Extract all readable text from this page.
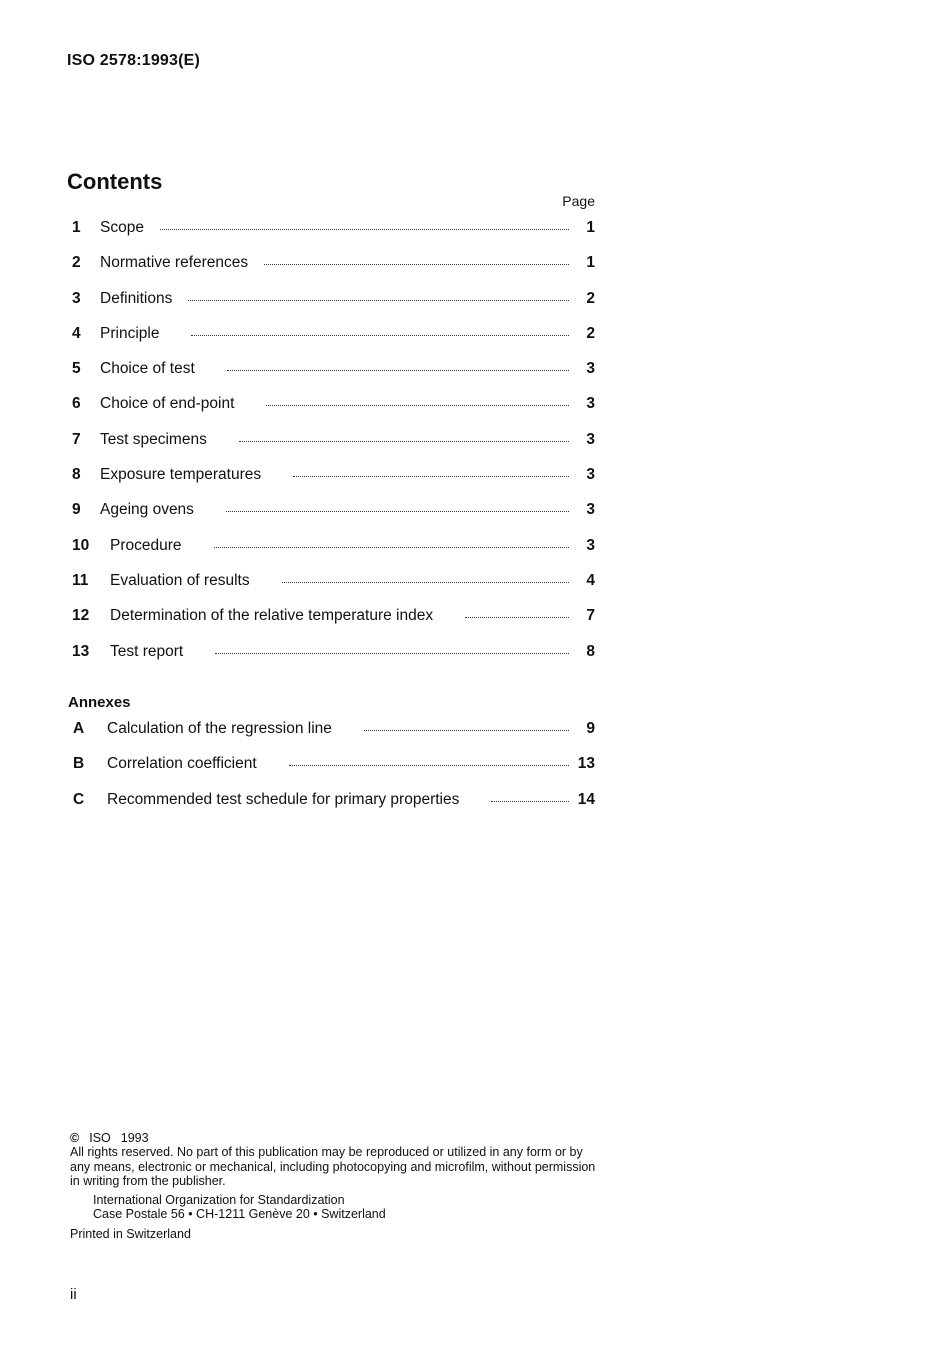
ISO 2578:1993(E)
Contents
Page
1	Scope	1
2	Normative references	1
3	Definitions	2
4	Principle	2
5	Choice of test	3
6	Choice of end-point	3
7	Test specimens	3
8	Exposure temperatures	3
9	Ageing ovens	3
10	Procedure	3
11	Evaluation of results	4
12	Determination of the relative temperature index	7
13	Test report	8
Annexes
A	Calculation of the regression line	9
B	Correlation coefficient	13
C	Recommended test schedule for primary properties	14
© ISO 1993
All rights reserved. No part of this publication may be reproduced or utilized in any form or by any means, electronic or mechanical, including photocopying and microfilm, without permission in writing from the publisher.
International Organization for Standardization
Case Postale 56 • CH-1211 Genève 20 • Switzerland
Printed in Switzerland
ii
